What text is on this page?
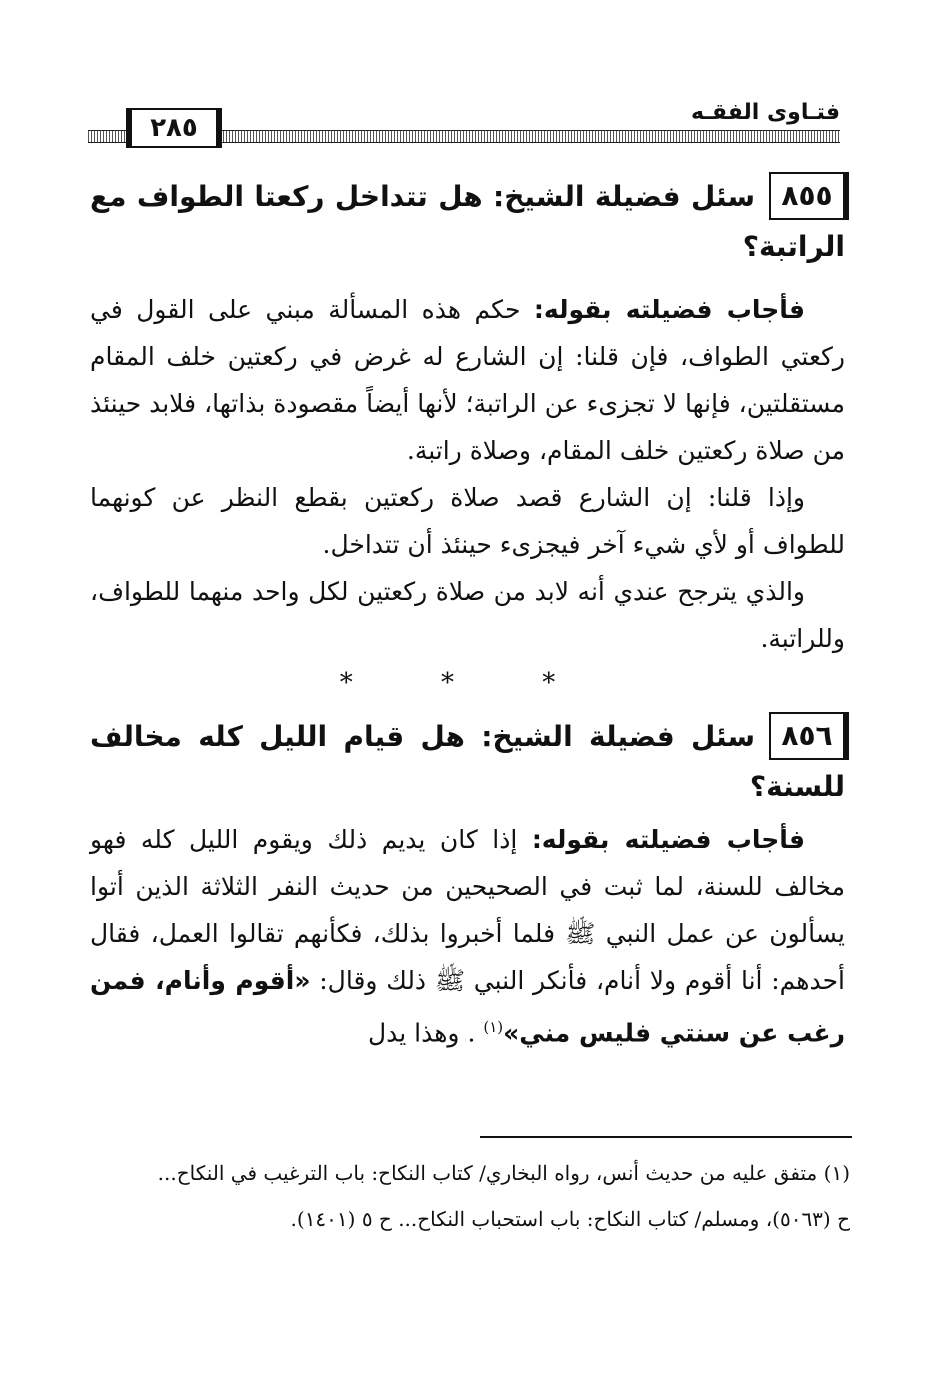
فتـاوى الفقـه
٢٨٥
٨٥٥
سئل فضيلة الشيخ: هل تتداخل ركعتا الطواف مع الراتبة؟

فأجاب فضيلته بقوله: حكم هذه المسألة مبني على القول في ركعتي الطواف، فإن قلنا: إن الشارع له غرض في ركعتين خلف المقام مستقلتين، فإنها لا تجزىء عن الراتبة؛ لأنها أيضاً مقصودة بذاتها، فلابد حينئذ من صلاة ركعتين خلف المقام، وصلاة راتبة.

وإذا قلنا: إن الشارع قصد صلاة ركعتين بقطع النظر عن كونهما للطواف أو لأي شيء آخر فيجزىء حينئذ أن تتداخل.

والذي يترجح عندي أنه لابد من صلاة ركعتين لكل واحد منهما للطواف، وللراتبة.

* * *
٨٥٦
سئل فضيلة الشيخ: هل قيام الليل كله مخالف للسنة؟

فأجاب فضيلته بقوله: إذا كان يديم ذلك ويقوم الليل كله فهو مخالف للسنة، لما ثبت في الصحيحين من حديث النفر الثلاثة الذين أتوا يسألون عن عمل النبي ﷺ فلما أخبروا بذلك، فكأنهم تقالوا العمل، فقال أحدهم: أنا أقوم ولا أنام، فأنكر النبي ﷺ ذلك وقال: «أقوم وأنام، فمن رغب عن سنتي فليس مني»$^{(١)}$ . وهذا يدل

(١) متفق عليه من حديث أنس، رواه البخاري/ كتاب النكاح: باب الترغيب في النكاح...

ح (٥٠٦٣)، ومسلم/ كتاب النكاح: باب استحباب النكاح... ح ٥ (١٤٠١).
